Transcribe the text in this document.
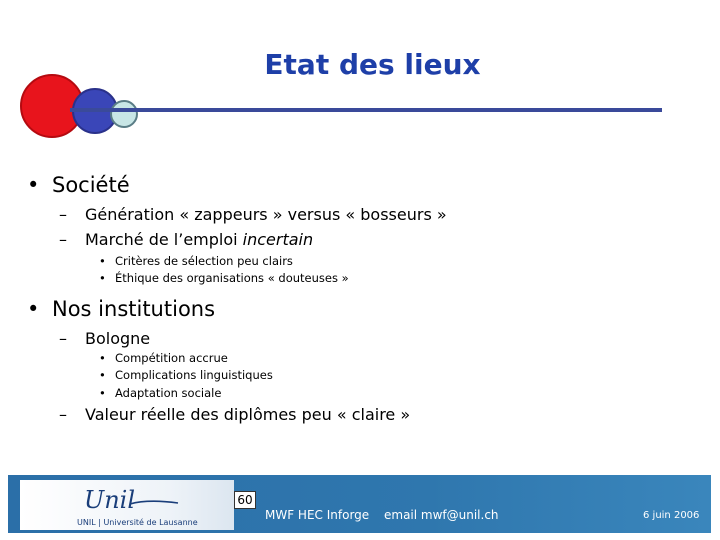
Etat des lieux
• Société
– Génération « zappeurs » versus « bosseurs »
– Marché de l’emploi incertain
• Critères de sélection peu clairs
• Éthique des organisations « douteuses »
• Nos institutions
– Bologne
• Compétition accrue
• Complications linguistiques
• Adaptation sociale
– Valeur réelle des diplômes peu « claire »
Unil
UNIL | Université de Lausanne
60
MWF HEC Inforge email mwf@unil.ch	6 juin 2006
